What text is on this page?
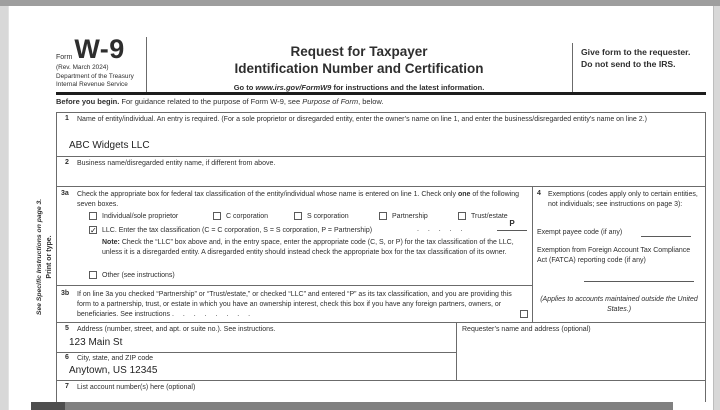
Form W-9
(Rev. March 2024)
Department of the Treasury
Internal Revenue Service
Request for Taxpayer
Identification Number and Certification
Go to www.irs.gov/FormW9 for instructions and the latest information.
Give form to the requester. Do not send to the IRS.
Before you begin. For guidance related to the purpose of Form W-9, see Purpose of Form, below.
See Specific Instructions on page 3. Print or type.
1 Name of entity/individual. An entry is required. (For a sole proprietor or disregarded entity, enter the owner’s name on line 1, and enter the business/disregarded entity’s name on line 2.)
ABC Widgets LLC
2 Business name/disregarded entity name, if different from above.
3a Check the appropriate box for federal tax classification of the entity/individual whose name is entered on line 1. Check only one of the following seven boxes.
Individual/sole proprietor	C corporation	S corporation	Partnership	Trust/estate
✓ LLC. Enter the tax classification (C = C corporation, S = S corporation, P = Partnership)	. . . . .
P
Note: Check the “LLC” box above and, in the entry space, enter the appropriate code (C, S, or P) for the tax classification of the LLC, unless it is a disregarded entity. A disregarded entity should instead check the appropriate box for the tax classification of its owner.
Other (see instructions)
3b If on line 3a you checked “Partnership” or “Trust/estate,” or checked “LLC” and entered “P” as its tax classification, and you are providing this form to a partnership, trust, or estate in which you have an ownership interest, check this box if you have any foreign partners, owners, or beneficiaries. See instructions . . . . . . . .
4 Exemptions (codes apply only to certain entities, not individuals; see instructions on page 3):
Exempt payee code (if any)
Exemption from Foreign Account Tax Compliance Act (FATCA) reporting code (if any)
(Applies to accounts maintained outside the United States.)
5 Address (number, street, and apt. or suite no.). See instructions.
123 Main St
Requester’s name and address (optional)
6 City, state, and ZIP code
Anytown, US 12345
7 List account number(s) here (optional)
